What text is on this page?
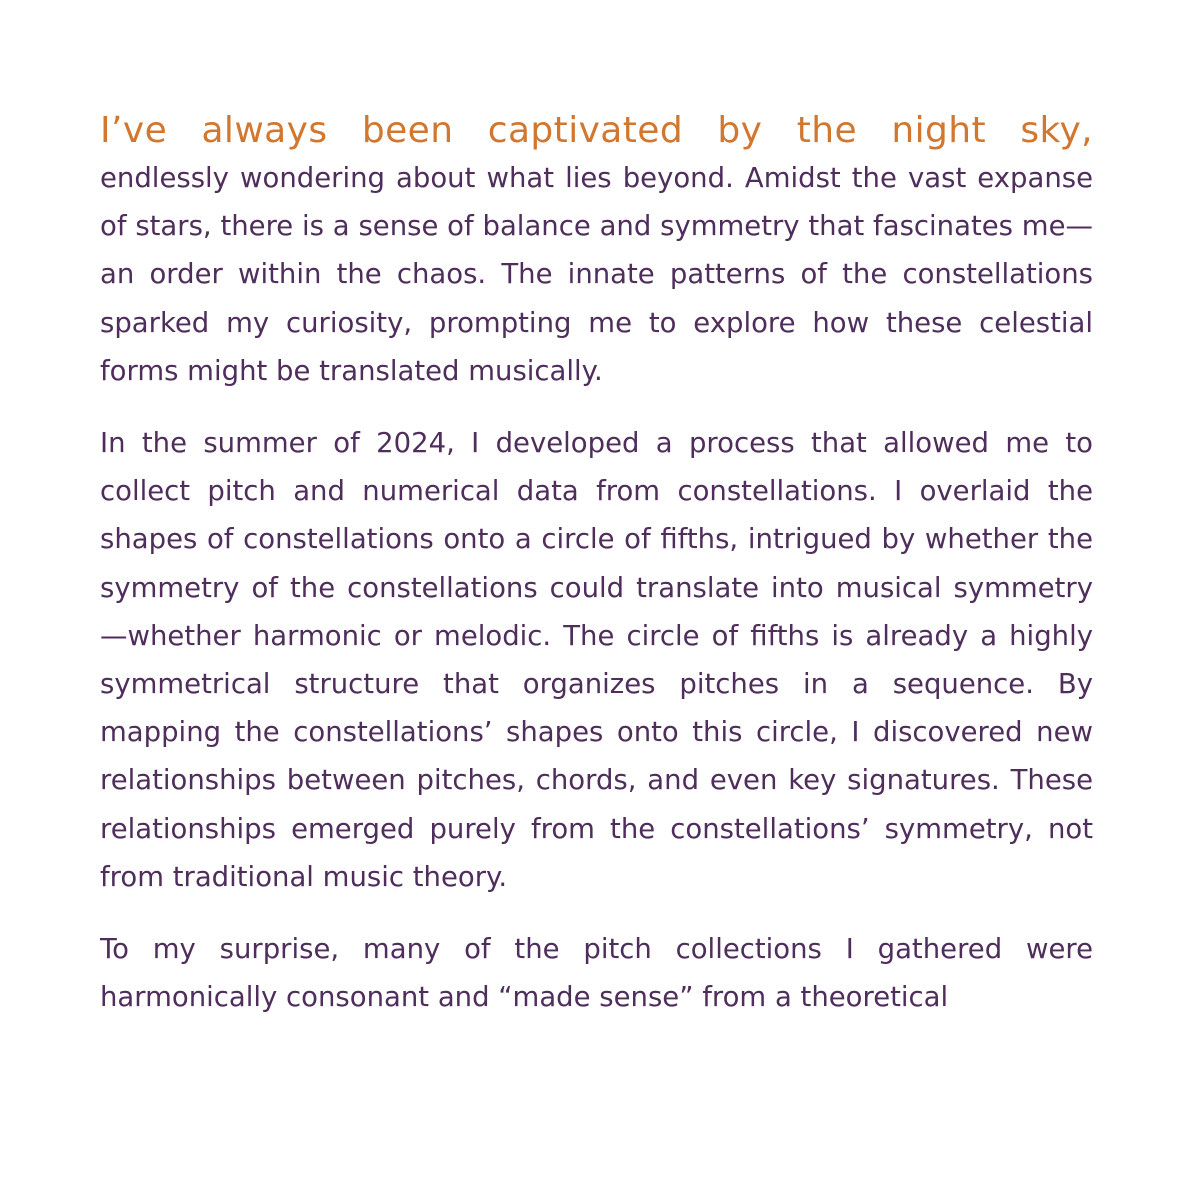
I’ve always been captivated by the night sky,

endlessly wondering about what lies beyond. Amidst the vast expanse of stars, there is a sense of balance and symmetry that fascinates me—an order within the chaos. The innate patterns of the constellations sparked my curiosity, prompting me to explore how these celestial forms might be translated musically.

In the summer of 2024, I developed a process that allowed me to collect pitch and numerical data from constellations. I overlaid the shapes of constellations onto a circle of fifths, intrigued by whether the symmetry of the constellations could translate into musical symmetry—whether harmonic or melodic. The circle of fifths is already a highly symmetrical structure that organizes pitches in a sequence. By mapping the constellations’ shapes onto this circle, I discovered new relationships between pitches, chords, and even key signatures. These relationships emerged purely from the constellations’ symmetry, not from traditional music theory.

To my surprise, many of the pitch collections I gathered were harmonically consonant and “made sense” from a theoretical
